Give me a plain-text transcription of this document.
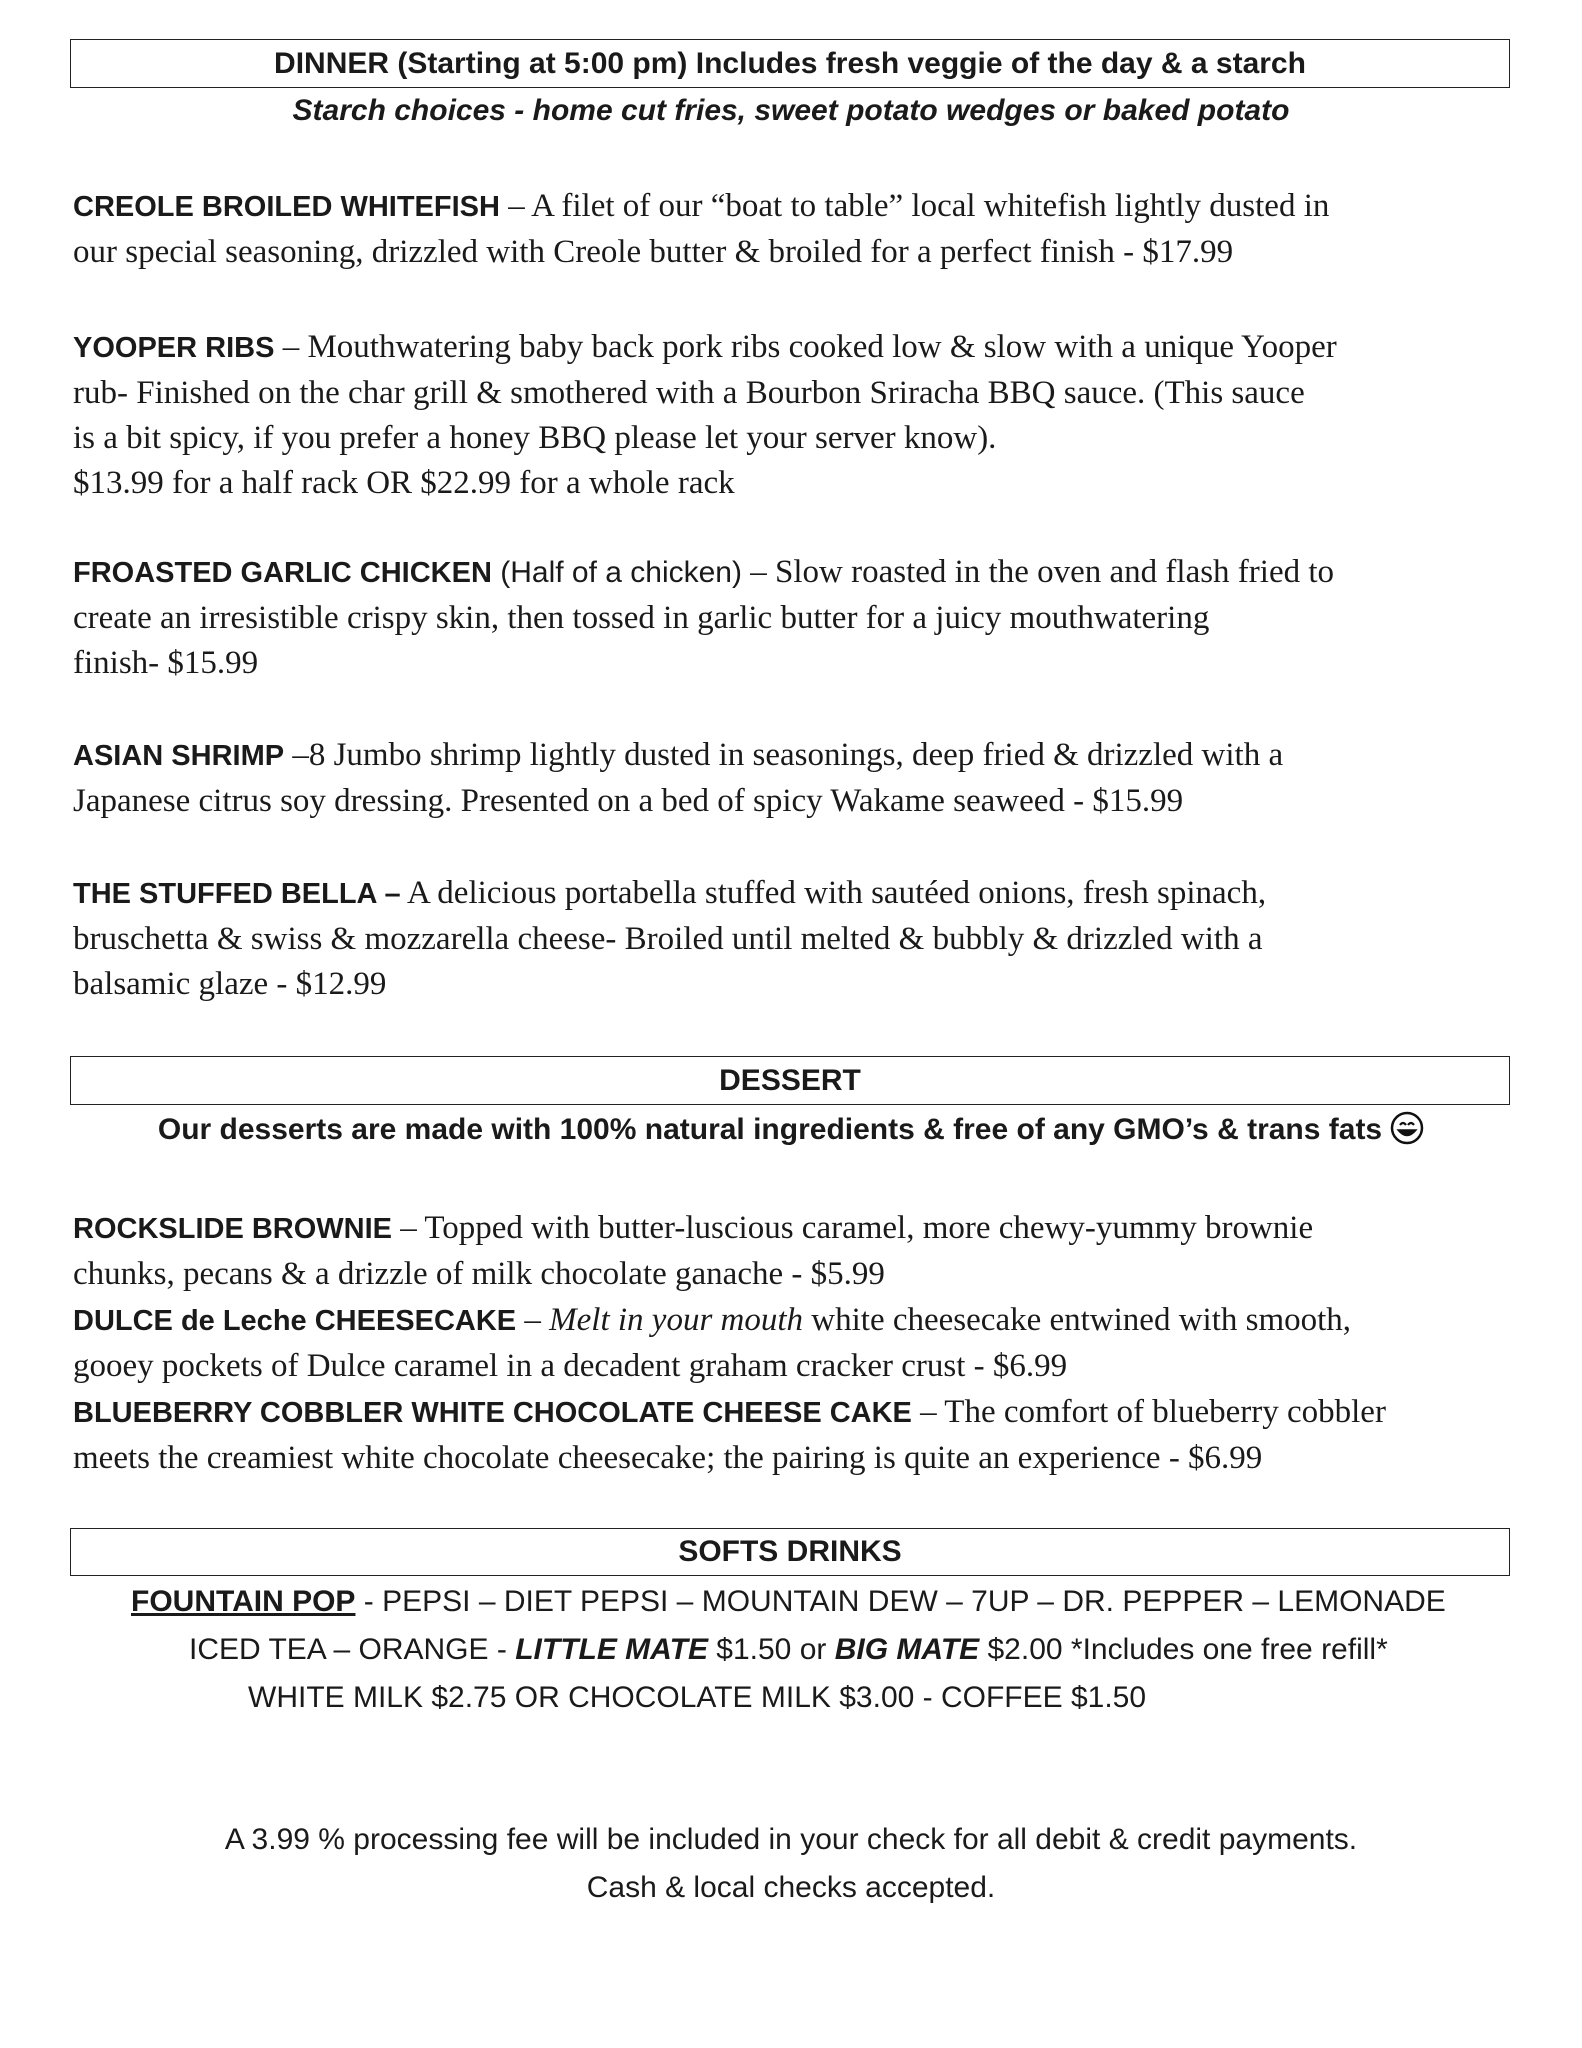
DINNER (Starting at 5:00 pm) Includes fresh veggie of the day & a starch
Starch choices - home cut fries, sweet potato wedges or baked potato
CREOLE BROILED WHITEFISH – A filet of our “boat to table” local whitefish lightly dusted in
our special seasoning, drizzled with Creole butter & broiled for a perfect finish - $17.99
YOOPER RIBS – Mouthwatering baby back pork ribs cooked low & slow with a unique Yooper
rub- Finished on the char grill & smothered with a Bourbon Sriracha BBQ sauce. (This sauce
is a bit spicy, if you prefer a honey BBQ please let your server know).
$13.99 for a half rack OR $22.99 for a whole rack
FROASTED GARLIC CHICKEN (Half of a chicken) – Slow roasted in the oven and flash fried to
create an irresistible crispy skin, then tossed in garlic butter for a juicy mouthwatering
finish- $15.99
ASIAN SHRIMP –8 Jumbo shrimp lightly dusted in seasonings, deep fried & drizzled with a
Japanese citrus soy dressing. Presented on a bed of spicy Wakame seaweed - $15.99
THE STUFFED BELLA – A delicious portabella stuffed with sautéed onions, fresh spinach,
bruschetta & swiss & mozzarella cheese- Broiled until melted & bubbly & drizzled with a
balsamic glaze - $12.99
DESSERT
Our desserts are made with 100% natural ingredients & free of any GMO’s & trans fats
ROCKSLIDE BROWNIE – Topped with butter-luscious caramel, more chewy-yummy brownie
chunks, pecans & a drizzle of milk chocolate ganache - $5.99
DULCE de Leche CHEESECAKE – Melt in your mouth white cheesecake entwined with smooth,
gooey pockets of Dulce caramel in a decadent graham cracker crust - $6.99
BLUEBERRY COBBLER WHITE CHOCOLATE CHEESE CAKE – The comfort of blueberry cobbler
meets the creamiest white chocolate cheesecake; the pairing is quite an experience - $6.99
SOFTS DRINKS
FOUNTAIN POP - PEPSI – DIET PEPSI – MOUNTAIN DEW – 7UP – DR. PEPPER – LEMONADE
ICED TEA – ORANGE - LITTLE MATE $1.50 or BIG MATE $2.00 *Includes one free refill*
WHITE MILK $2.75 OR CHOCOLATE MILK $3.00 - COFFEE $1.50
A 3.99 % processing fee will be included in your check for all debit & credit payments.
Cash & local checks accepted.
